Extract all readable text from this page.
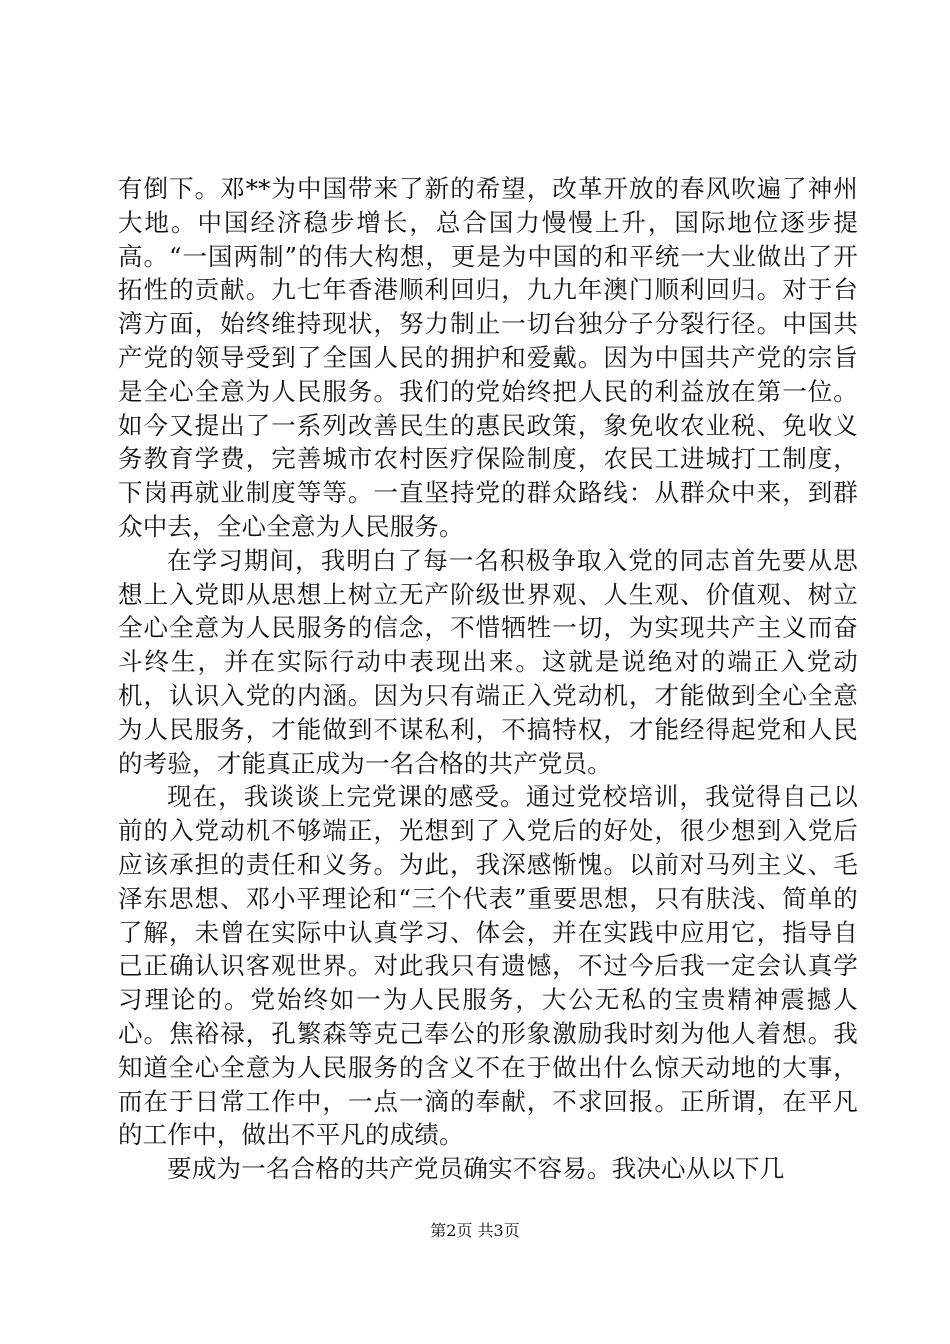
有倒下。邓**为中国带来了新的希望，改革开放的春风吹遍了神州大地。中国经济稳步增长，总合国力慢慢上升，国际地位逐步提高。“一国两制”的伟大构想，更是为中国的和平统一大业做出了开拓性的贡献。九七年香港顺利回归，九九年澳门顺利回归。对于台湾方面，始终维持现状，努力制止一切台独分子分裂行径。中国共产党的领导受到了全国人民的拥护和爱戴。因为中国共产党的宗旨是全心全意为人民服务。我们的党始终把人民的利益放在第一位。如今又提出了一系列改善民生的惠民政策，象免收农业税、免收义务教育学费，完善城市农村医疗保险制度，农民工进城打工制度，下岗再就业制度等等。一直坚持党的群众路线：从群众中来，到群众中去，全心全意为人民服务。

在学习期间，我明白了每一名积极争取入党的同志首先要从思想上入党即从思想上树立无产阶级世界观、人生观、价值观、树立全心全意为人民服务的信念，不惜牺牲一切，为实现共产主义而奋斗终生，并在实际行动中表现出来。这就是说绝对的端正入党动机，认识入党的内涵。因为只有端正入党动机，才能做到全心全意为人民服务，才能做到不谋私利，不搞特权，才能经得起党和人民的考验，才能真正成为一名合格的共产党员。

现在，我谈谈上完党课的感受。通过党校培训，我觉得自己以前的入党动机不够端正，光想到了入党后的好处，很少想到入党后应该承担的责任和义务。为此，我深感惭愧。以前对马列主义、毛泽东思想、邓小平理论和“三个代表”重要思想，只有肤浅、简单的了解，未曾在实际中认真学习、体会，并在实践中应用它，指导自己正确认识客观世界。对此我只有遗憾，不过今后我一定会认真学习理论的。党始终如一为人民服务，大公无私的宝贵精神震撼人心。焦裕禄，孔繁森等克己奉公的形象激励我时刻为他人着想。我知道全心全意为人民服务的含义不在于做出什么惊天动地的大事，而在于日常工作中，一点一滴的奉献，不求回报。正所谓，在平凡的工作中，做出不平凡的成绩。

要成为一名合格的共产党员确实不容易。我决心从以下几

第2页 共3页
